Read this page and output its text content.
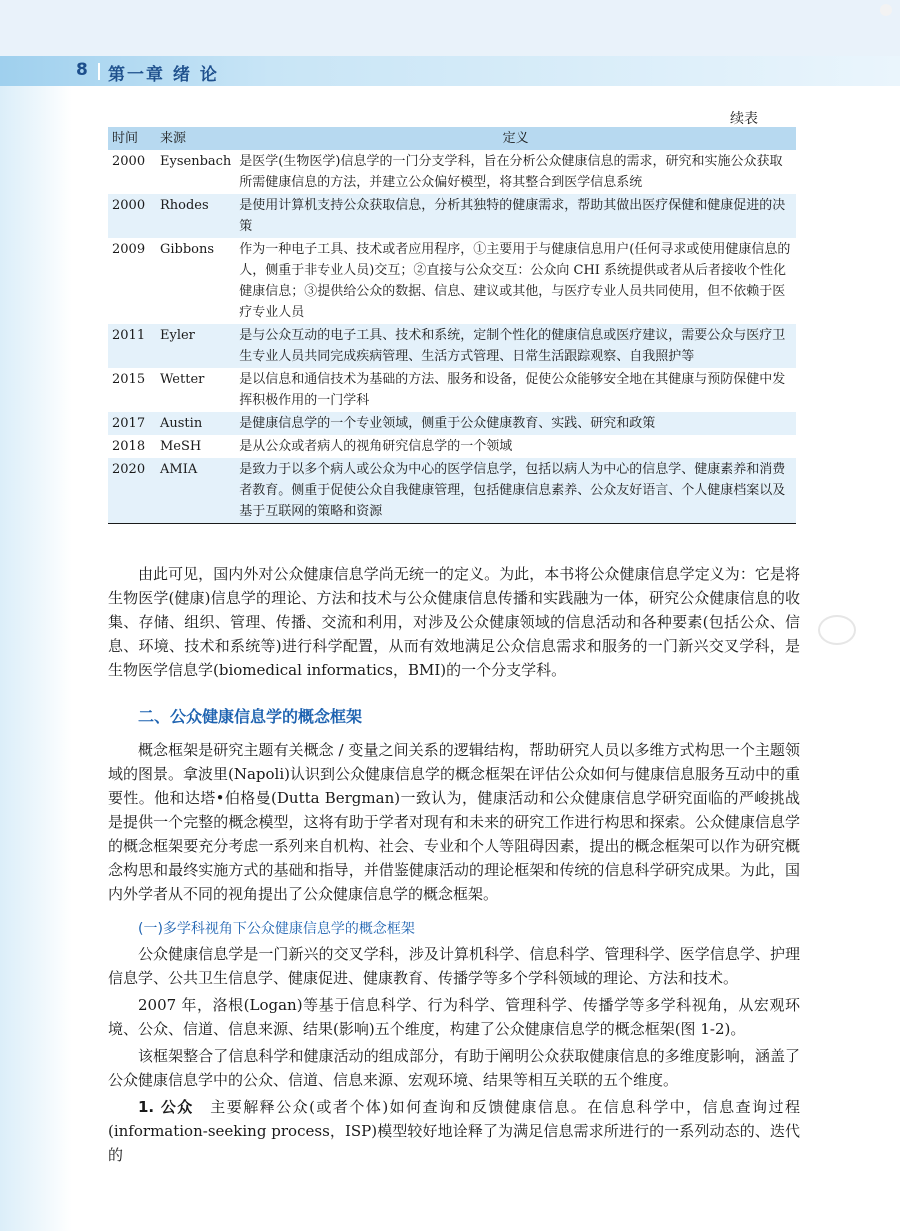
8 第一章 绪 论
续表
时间	来源	定义
2000	Eysenbach	是医学(生物医学)信息学的一门分支学科，旨在分析公众健康信息的需求，研究和实施公众获取所需健康信息的方法，并建立公众偏好模型，将其整合到医学信息系统
2000	Rhodes	是使用计算机支持公众获取信息，分析其独特的健康需求，帮助其做出医疗保健和健康促进的决策
2009	Gibbons	作为一种电子工具、技术或者应用程序，①主要用于与健康信息用户(任何寻求或使用健康信息的人，侧重于非专业人员)交互；②直接与公众交互：公众向 CHI 系统提供或者从后者接收个性化健康信息；③提供给公众的数据、信息、建议或其他，与医疗专业人员共同使用，但不依赖于医疗专业人员
2011	Eyler	是与公众互动的电子工具、技术和系统，定制个性化的健康信息或医疗建议，需要公众与医疗卫生专业人员共同完成疾病管理、生活方式管理、日常生活跟踪观察、自我照护等
2015	Wetter	是以信息和通信技术为基础的方法、服务和设备，促使公众能够安全地在其健康与预防保健中发挥积极作用的一门学科
2017	Austin	是健康信息学的一个专业领域，侧重于公众健康教育、实践、研究和政策
2018	MeSH	是从公众或者病人的视角研究信息学的一个领域
2020	AMIA	是致力于以多个病人或公众为中心的医学信息学，包括以病人为中心的信息学、健康素养和消费者教育。侧重于促使公众自我健康管理，包括健康信息素养、公众友好语言、个人健康档案以及基于互联网的策略和资源

由此可见，国内外对公众健康信息学尚无统一的定义。为此，本书将公众健康信息学定义为：它是将生物医学(健康)信息学的理论、方法和技术与公众健康信息传播和实践融为一体，研究公众健康信息的收集、存储、组织、管理、传播、交流和利用，对涉及公众健康领域的信息活动和各种要素(包括公众、信息、环境、技术和系统等)进行科学配置，从而有效地满足公众信息需求和服务的一门新兴交叉学科，是生物医学信息学(biomedical informatics，BMI)的一个分支学科。

二、公众健康信息学的概念框架

概念框架是研究主题有关概念 / 变量之间关系的逻辑结构，帮助研究人员以多维方式构思一个主题领域的图景。拿波里(Napoli)认识到公众健康信息学的概念框架在评估公众如何与健康信息服务互动中的重要性。他和达塔•伯格曼(Dutta Bergman)一致认为，健康活动和公众健康信息学研究面临的严峻挑战是提供一个完整的概念模型，这将有助于学者对现有和未来的研究工作进行构思和探索。公众健康信息学的概念框架要充分考虑一系列来自机构、社会、专业和个人等阻碍因素，提出的概念框架可以作为研究概念构思和最终实施方式的基础和指导，并借鉴健康活动的理论框架和传统的信息科学研究成果。为此，国内外学者从不同的视角提出了公众健康信息学的概念框架。

(一)多学科视角下公众健康信息学的概念框架

公众健康信息学是一门新兴的交叉学科，涉及计算机科学、信息科学、管理科学、医学信息学、护理信息学、公共卫生信息学、健康促进、健康教育、传播学等多个学科领域的理论、方法和技术。

2007 年，洛根(Logan)等基于信息科学、行为科学、管理科学、传播学等多学科视角，从宏观环境、公众、信道、信息来源、结果(影响)五个维度，构建了公众健康信息学的概念框架(图 1-2)。

该框架整合了信息科学和健康活动的组成部分，有助于阐明公众获取健康信息的多维度影响，涵盖了公众健康信息学中的公众、信道、信息来源、宏观环境、结果等相互关联的五个维度。

1. 公众　 主要解释公众(或者个体)如何查询和反馈健康信息。在信息科学中，信息查询过程(information-seeking process，ISP)模型较好地诠释了为满足信息需求所进行的一系列动态的、迭代的
